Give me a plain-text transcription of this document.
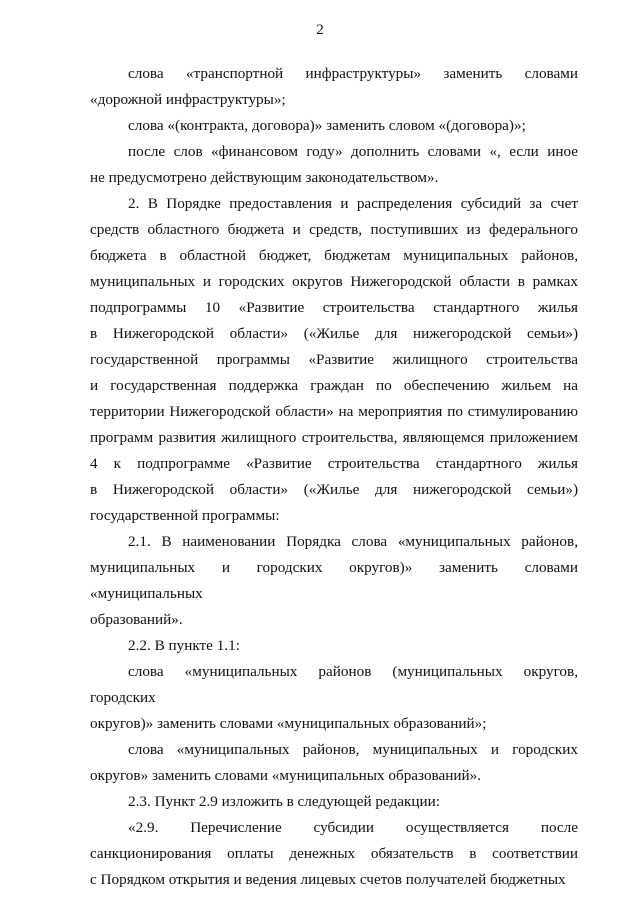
2
слова «транспортной инфраструктуры» заменить словами
«дорожной инфраструктуры»;
слова «(контракта, договора)» заменить словом «(договора)»;
после слов «финансовом году» дополнить словами «, если иное
не предусмотрено действующим законодательством».
2. В Порядке предоставления и распределения субсидий за счет
средств областного бюджета и средств, поступивших из федерального
бюджета в областной бюджет, бюджетам муниципальных районов,
муниципальных и городских округов Нижегородской области в рамках
подпрограммы 10 «Развитие строительства стандартного жилья
в Нижегородской области» («Жилье для нижегородской семьи»)
государственной программы «Развитие жилищного строительства
и государственная поддержка граждан по обеспечению жильем на
территории Нижегородской области» на мероприятия по стимулированию
программ развития жилищного строительства, являющемся приложением
4 к подпрограмме «Развитие строительства стандартного жилья
в Нижегородской области» («Жилье для нижегородской семьи»)
государственной программы:
2.1. В наименовании Порядка слова «муниципальных районов,
муниципальных и городских округов)» заменить словами «муниципальных
образований».
2.2. В пункте 1.1:
слова «муниципальных районов (муниципальных округов, городских
округов)» заменить словами «муниципальных образований»;
слова «муниципальных районов, муниципальных и городских
округов» заменить словами «муниципальных образований».
2.3. Пункт 2.9 изложить в следующей редакции:
«2.9. Перечисление субсидии осуществляется после
санкционирования оплаты денежных обязательств в соответствии
с Порядком открытия и ведения лицевых счетов получателей бюджетных
